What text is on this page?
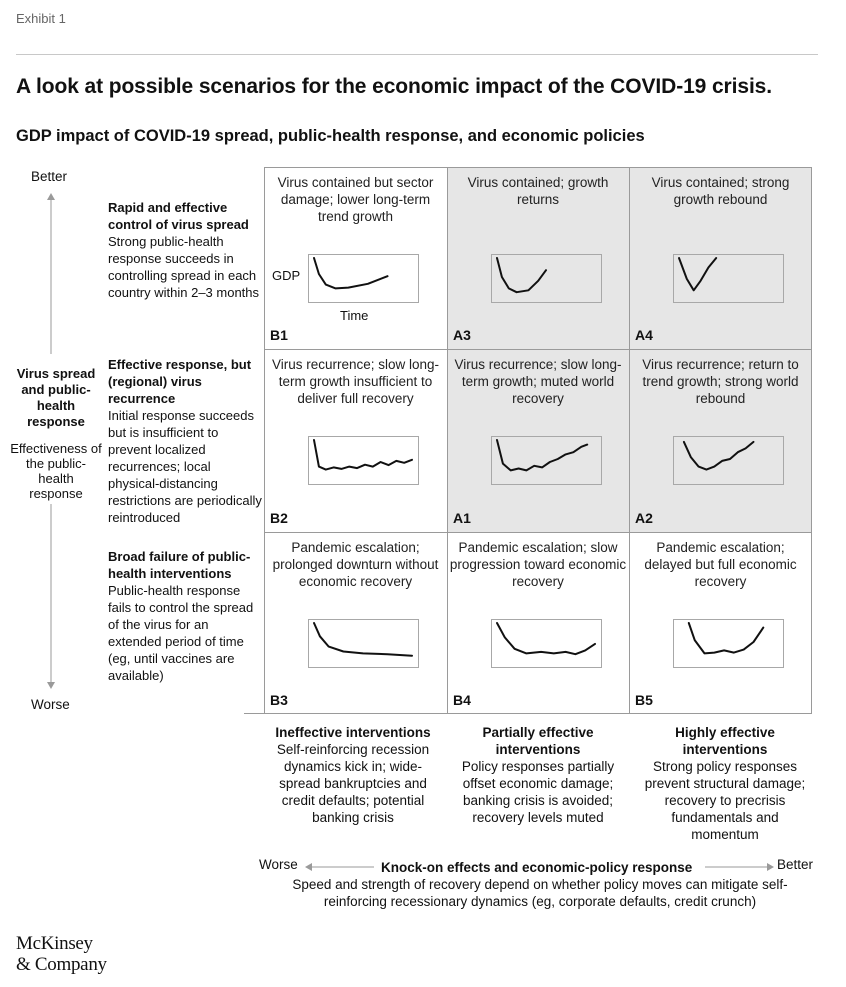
Exhibit 1
A look at possible scenarios for the economic impact of the COVID-19 crisis.
GDP impact of COVID-19 spread, public-health response, and economic policies
Better
Virus spread and public-health response
Effectiveness of the public-health response
Worse
Rapid and effective control of virus spread
Strong public-health response succeeds in controlling spread in each country within 2–3 months
Effective response, but (regional) virus recurrence
Initial response succeeds but is insufficient to prevent localized recurrences; local physical-distancing restrictions are periodically reintroduced
Broad failure of public-health interventions
Public-health response fails to control the spread of the virus for an extended period of time (eg, until vaccines are available)
Virus contained but sector damage; lower long-term trend growth
GDP
Time
B1
Virus contained; growth returns
A3
Virus contained; strong growth rebound
A4
Virus recurrence; slow long-term growth insufficient to deliver full recovery
B2
Virus recurrence; slow long-term growth; muted world recovery
A1
Virus recurrence; return to trend growth; strong world rebound
A2
Pandemic escalation; prolonged downturn without economic recovery
B3
Pandemic escalation; slow progression toward economic recovery
B4
Pandemic escalation; delayed but full economic recovery
B5
Ineffective interventions
Self-reinforcing recession dynamics kick in; wide-spread bankruptcies and credit defaults; potential banking crisis
Partially effective interventions
Policy responses partially offset economic damage; banking crisis is avoided; recovery levels muted
Highly effective interventions
Strong policy responses prevent structural damage; recovery to precrisis fundamentals and momentum
Worse	Knock-on effects and economic-policy response	Better
Speed and strength of recovery depend on whether policy moves can mitigate self-reinforcing recessionary dynamics (eg, corporate defaults, credit crunch)
McKinsey
& Company
